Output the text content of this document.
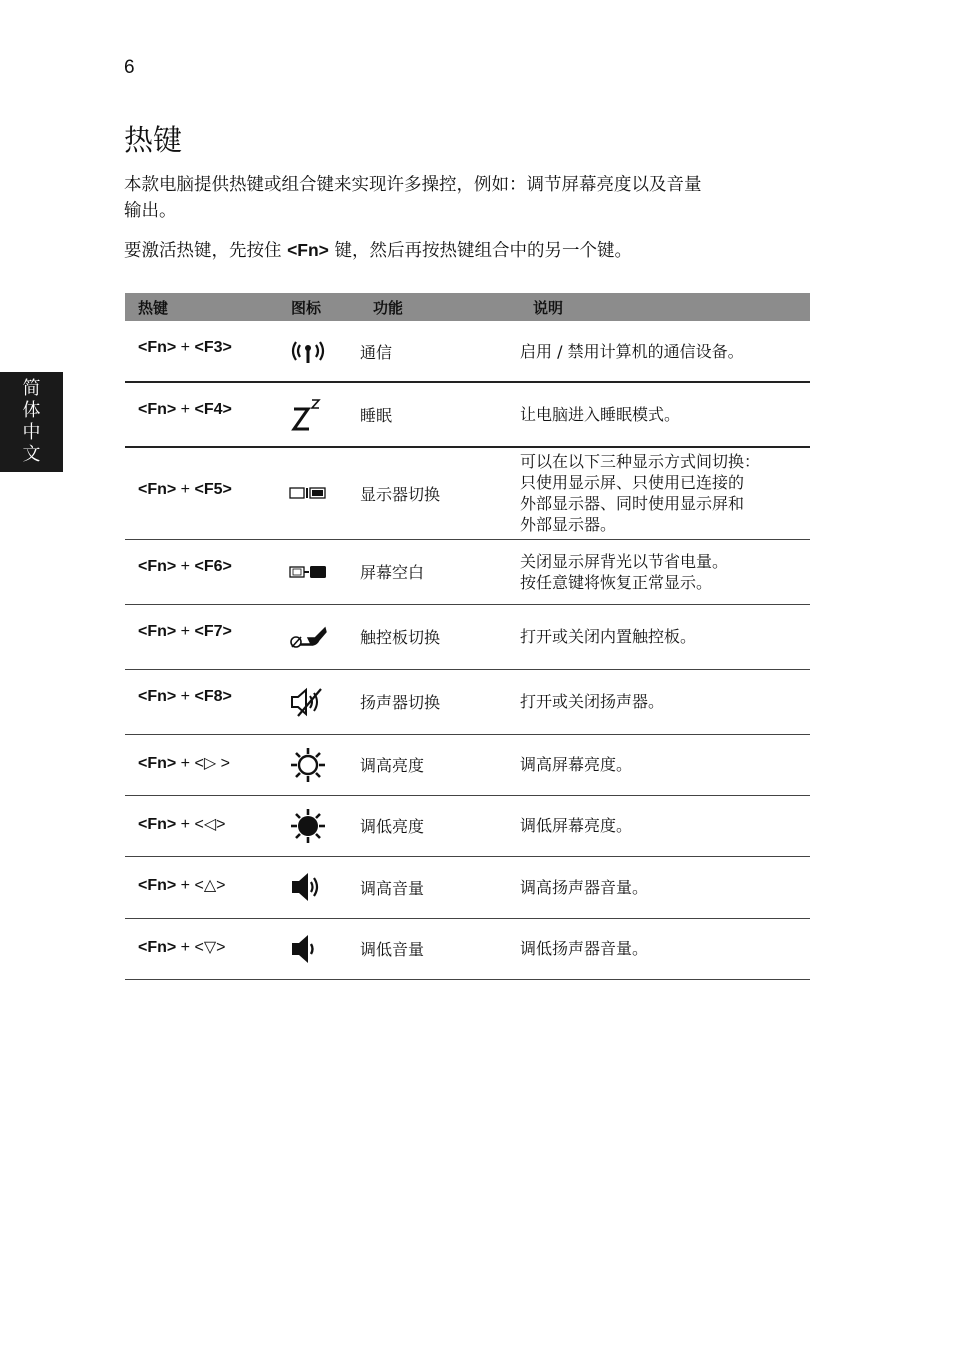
6
简
体
中
文
热键

本款电脑提供热键或组合键来实现许多操控，例如：调节屏幕亮度以及音量
输出。

要激活热键，先按住 <Fn> 键，然后再按热键组合中的另一个键。

热键	图标	功能	说明

<Fn> + <F3>		通信	启用 / 禁用计算机的通信设备。

<Fn> + <F4>		睡眠	让电脑进入睡眠模式。

<Fn> + <F5>		显示器切换	可以在以下三种显示方式间切换：
只使用显示屏、只使用已连接的
外部显示器、同时使用显示屏和
外部显示器。

<Fn> + <F6>		屏幕空白	关闭显示屏背光以节省电量。
按任意键将恢复正常显示。

<Fn> + <F7>		触控板切换	打开或关闭内置触控板。

<Fn> + <F8>		扬声器切换	打开或关闭扬声器。

<Fn> + <▷ >		调高亮度	调高屏幕亮度。

<Fn> + <◁>		调低亮度	调低屏幕亮度。

<Fn> + <△>		调高音量	调高扬声器音量。

<Fn> + <▽>		调低音量	调低扬声器音量。
